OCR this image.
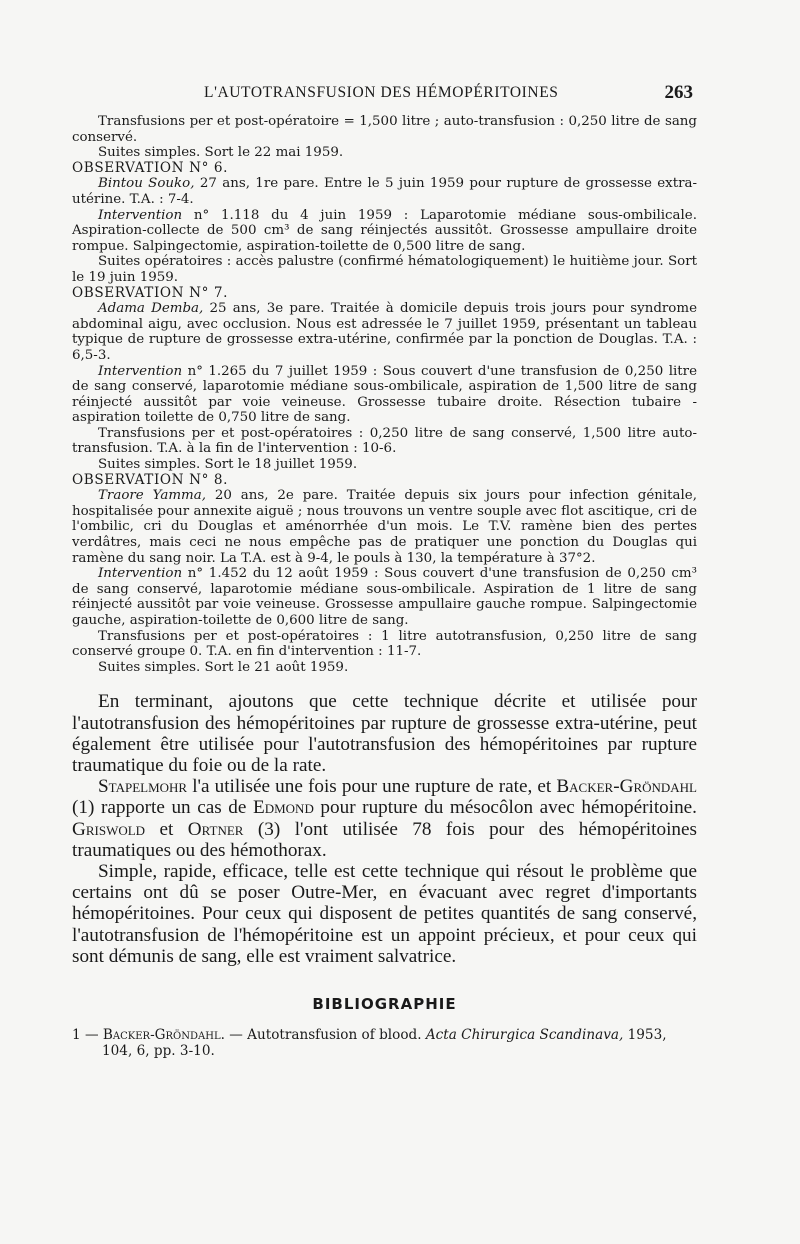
L'AUTOTRANSFUSION DES HÉMOPÉRITOINES	263

Transfusions per et post-opératoire = 1,500 litre ; auto-transfusion : 0,250 litre de sang conservé.

Suites simples. Sort le 22 mai 1959.

OBSERVATION N° 6.

Bintou Souko, 27 ans, 1re pare. Entre le 5 juin 1959 pour rupture de grossesse extra-utérine. T.A. : 7-4.

Intervention n° 1.118 du 4 juin 1959 : Laparotomie médiane sous-ombilicale. Aspiration-collecte de 500 cm³ de sang réinjectés aussitôt. Grossesse ampullaire droite rompue. Salpingectomie, aspiration-toilette de 0,500 litre de sang.

Suites opératoires : accès palustre (confirmé hématologiquement) le huitième jour. Sort le 19 juin 1959.

OBSERVATION N° 7.

Adama Demba, 25 ans, 3e pare. Traitée à domicile depuis trois jours pour syndrome abdominal aigu, avec occlusion. Nous est adressée le 7 juillet 1959, présentant un tableau typique de rupture de grossesse extra-utérine, confirmée par la ponction de Douglas. T.A. : 6,5-3.

Intervention n° 1.265 du 7 juillet 1959 : Sous couvert d'une transfusion de 0,250 litre de sang conservé, laparotomie médiane sous-ombilicale, aspiration de 1,500 litre de sang réinjecté aussitôt par voie veineuse. Grossesse tubaire droite. Résection tubaire - aspiration toilette de 0,750 litre de sang.

Transfusions per et post-opératoires : 0,250 litre de sang conservé, 1,500 litre auto-transfusion. T.A. à la fin de l'intervention : 10-6.

Suites simples. Sort le 18 juillet 1959.

OBSERVATION N° 8.

Traore Yamma, 20 ans, 2e pare. Traitée depuis six jours pour infection génitale, hospitalisée pour annexite aiguë ; nous trouvons un ventre souple avec flot ascitique, cri de l'ombilic, cri du Douglas et aménorrhée d'un mois. Le T.V. ramène bien des pertes verdâtres, mais ceci ne nous empêche pas de pratiquer une ponction du Douglas qui ramène du sang noir. La T.A. est à 9-4, le pouls à 130, la température à 37°2.

Intervention n° 1.452 du 12 août 1959 : Sous couvert d'une transfusion de 0,250 cm³ de sang conservé, laparotomie médiane sous-ombilicale. Aspiration de 1 litre de sang réinjecté aussitôt par voie veineuse. Grossesse ampullaire gauche rompue. Salpingectomie gauche, aspiration-toilette de 0,600 litre de sang.

Transfusions per et post-opératoires : 1 litre autotransfusion, 0,250 litre de sang conservé groupe 0. T.A. en fin d'intervention : 11-7.

Suites simples. Sort le 21 août 1959.

En terminant, ajoutons que cette technique décrite et utilisée pour l'autotransfusion des hémopéritoines par rupture de grossesse extra-utérine, peut également être utilisée pour l'autotransfusion des hémopéritoines par rupture traumatique du foie ou de la rate.

Stapelmohr l'a utilisée une fois pour une rupture de rate, et Backer-Gröndahl (1) rapporte un cas de Edmond pour rupture du mésocôlon avec hémopéritoine. Griswold et Ortner (3) l'ont utilisée 78 fois pour des hémopéritoines traumatiques ou des hémothorax.

Simple, rapide, efficace, telle est cette technique qui résout le problème que certains ont dû se poser Outre-Mer, en évacuant avec regret d'importants hémopéritoines. Pour ceux qui disposent de petites quantités de sang conservé, l'autotransfusion de l'hémopéritoine est un appoint précieux, et pour ceux qui sont démunis de sang, elle est vraiment salvatrice.

BIBLIOGRAPHIE
1 — Backer-Gröndahl. — Autotransfusion of blood. Acta Chirurgica Scandinava, 1953, 104, 6, pp. 3-10.
